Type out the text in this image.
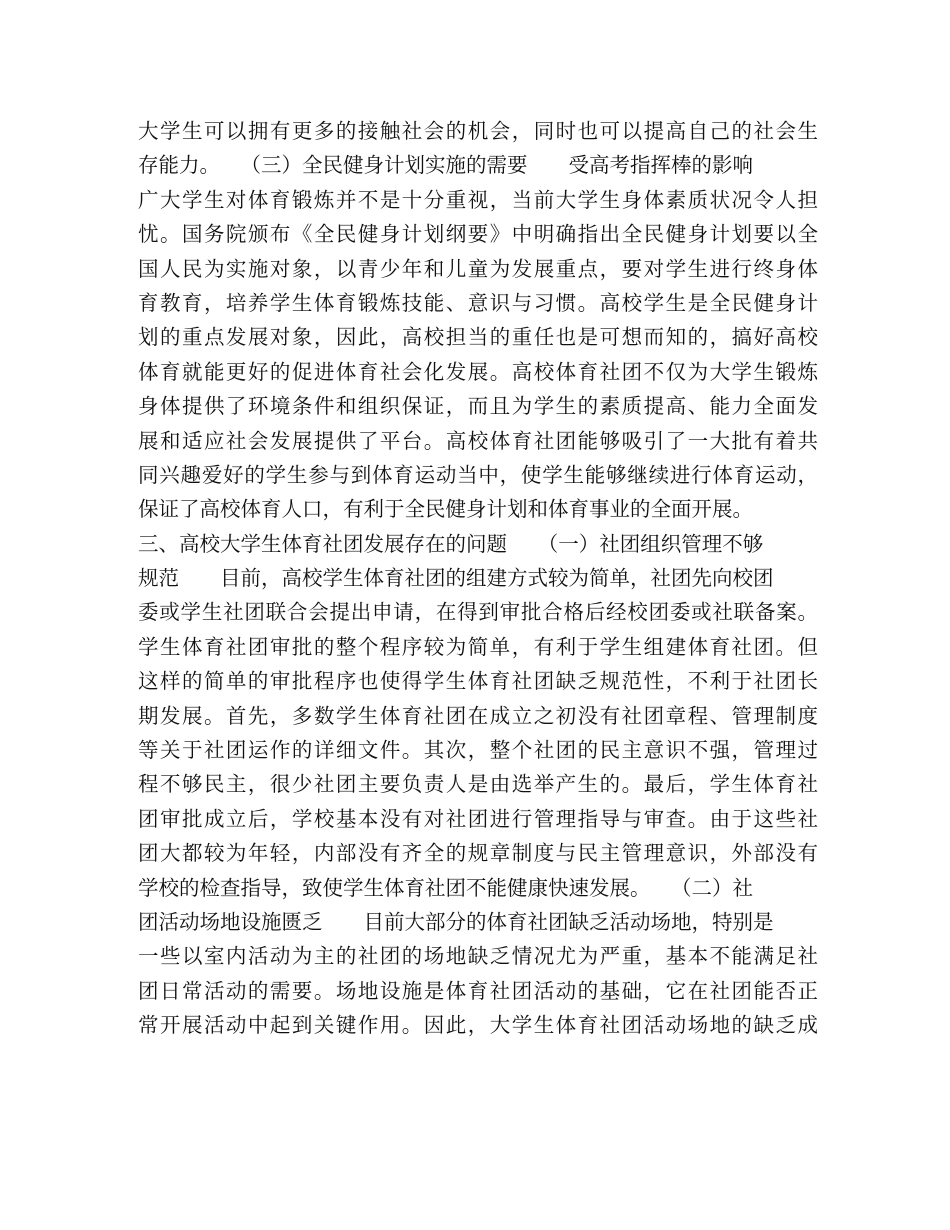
大学生可以拥有更多的接触社会的机会，同时也可以提高自己的社会生
存能力。　　（三）全民健身计划实施的需要　　受高考指挥棒的影响
广大学生对体育锻炼并不是十分重视，当前大学生身体素质状况令人担
忧。国务院颁布《全民健身计划纲要》中明确指出全民健身计划要以全
国人民为实施对象，以青少年和儿童为发展重点，要对学生进行终身体
育教育，培养学生体育锻炼技能、意识与习惯。高校学生是全民健身计
划的重点发展对象，因此，高校担当的重任也是可想而知的，搞好高校
体育就能更好的促进体育社会化发展。高校体育社团不仅为大学生锻炼
身体提供了环境条件和组织保证，而且为学生的素质提高、能力全面发
展和适应社会发展提供了平台。高校体育社团能够吸引了一大批有着共
同兴趣爱好的学生参与到体育运动当中，使学生能够继续进行体育运动，
保证了高校体育人口，有利于全民健身计划和体育事业的全面开展。
三、高校大学生体育社团发展存在的问题　　（一）社团组织管理不够
规范　　目前，高校学生体育社团的组建方式较为简单，社团先向校团
委或学生社团联合会提出申请，在得到审批合格后经校团委或社联备案。
学生体育社团审批的整个程序较为简单，有利于学生组建体育社团。但
这样的简单的审批程序也使得学生体育社团缺乏规范性，不利于社团长
期发展。首先，多数学生体育社团在成立之初没有社团章程、管理制度
等关于社团运作的详细文件。其次，整个社团的民主意识不强，管理过
程不够民主，很少社团主要负责人是由选举产生的。最后，学生体育社
团审批成立后，学校基本没有对社团进行管理指导与审查。由于这些社
团大都较为年轻，内部没有齐全的规章制度与民主管理意识，外部没有
学校的检查指导，致使学生体育社团不能健康快速发展。　　（二）社
团活动场地设施匮乏　　目前大部分的体育社团缺乏活动场地，特别是
一些以室内活动为主的社团的场地缺乏情况尤为严重，基本不能满足社
团日常活动的需要。场地设施是体育社团活动的基础，它在社团能否正
常开展活动中起到关键作用。因此，大学生体育社团活动场地的缺乏成
